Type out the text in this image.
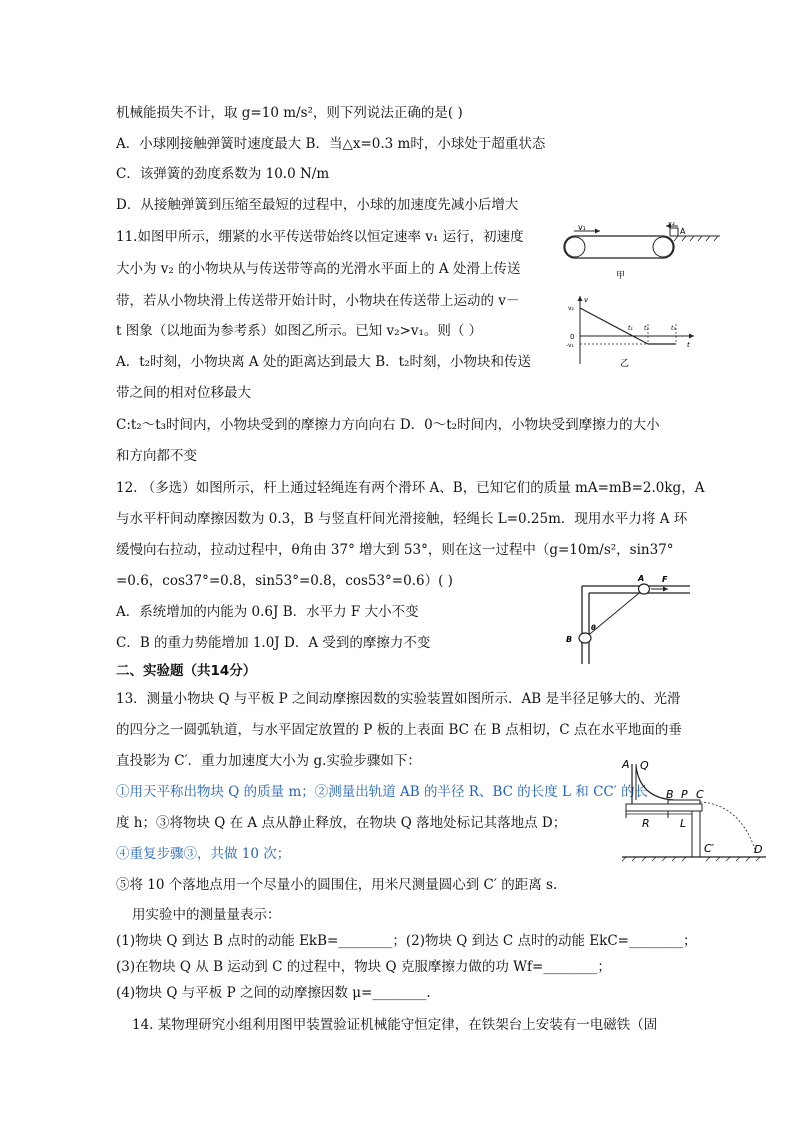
机械能损失不计，取 g=10 m/s²，则下列说法正确的是( )
A．小球刚接触弹簧时速度最大 B．当△x=0.3 m时，小球处于超重状态
C．该弹簧的劲度系数为 10.0 N/m
D．从接触弹簧到压缩至最短的过程中，小球的加速度先减小后增大
11.如图甲所示，绷紧的水平传送带始终以恒定速率 v₁ 运行，初速度
大小为 v₂ 的小物块从与传送带等高的光滑水平面上的 A 处滑上传送
带，若从小物块滑上传送带开始计时，小物块在传送带上运动的 v－
t 图象（以地面为参考系）如图乙所示。已知 v₂>v₁。则（ ）
A．t₂时刻，小物块离 A 处的距离达到最大 B．t₂时刻，小物块和传送
带之间的相对位移最大
C:t₂～t₃时间内，小物块受到的摩擦力方向向右 D．0～t₂时间内，小物块受到摩擦力的大小
和方向都不变
12. （多选）如图所示，杆上通过轻绳连有两个滑环 A、B，已知它们的质量 mA=mB=2.0kg，A
与水平杆间动摩擦因数为 0.3，B 与竖直杆间光滑接触，轻绳长 L=0.25m．现用水平力将 A 环
缓慢向右拉动，拉动过程中，θ角由 37° 增大到 53°，则在这一过程中（g=10m/s²，sin37°
=0.6，cos37°=0.8，sin53°=0.8，cos53°=0.6）( )
A．系统增加的内能为 0.6J B．水平力 F 大小不变
C．B 的重力势能增加 1.0J D．A 受到的摩擦力不变
二、实验题（共14分）
13．测量小物块 Q 与平板 P 之间动摩擦因数的实验装置如图所示．AB 是半径足够大的、光滑
的四分之一圆弧轨道，与水平固定放置的 P 板的上表面 BC 在 B 点相切，C 点在水平地面的垂
直投影为 C′．重力加速度大小为 g.实验步骤如下：
①用天平称出物块 Q 的质量 m；②测量出轨道 AB 的半径 R、BC 的长度 L 和 CC′ 的长
度 h；③将物块 Q 在 A 点从静止释放，在物块 Q 落地处标记其落地点 D；
④重复步骤③，共做 10 次；
⑤将 10 个落地点用一个尽量小的圆围住，用米尺测量圆心到 C′ 的距离 s.
用实验中的测量量表示：
(1)物块 Q 到达 B 点时的动能 EkB=________；(2)物块 Q 到达 C 点时的动能 EkC=________；
(3)在物块 Q 从 B 运动到 C 的过程中，物块 Q 克服摩擦力做的功 Wf=________；
(4)物块 Q 与平板 P 之间的动摩擦因数 μ=________.
14. 某物理研究小组利用图甲装置验证机械能守恒定律，在铁架台上安装有一电磁铁（固
v₁	v₂
A
甲
v
t
v₂
0
-v₁
t₁ t₂	t₃
乙
A F
B
θ
A Q
B P C
R	L
C′	D
